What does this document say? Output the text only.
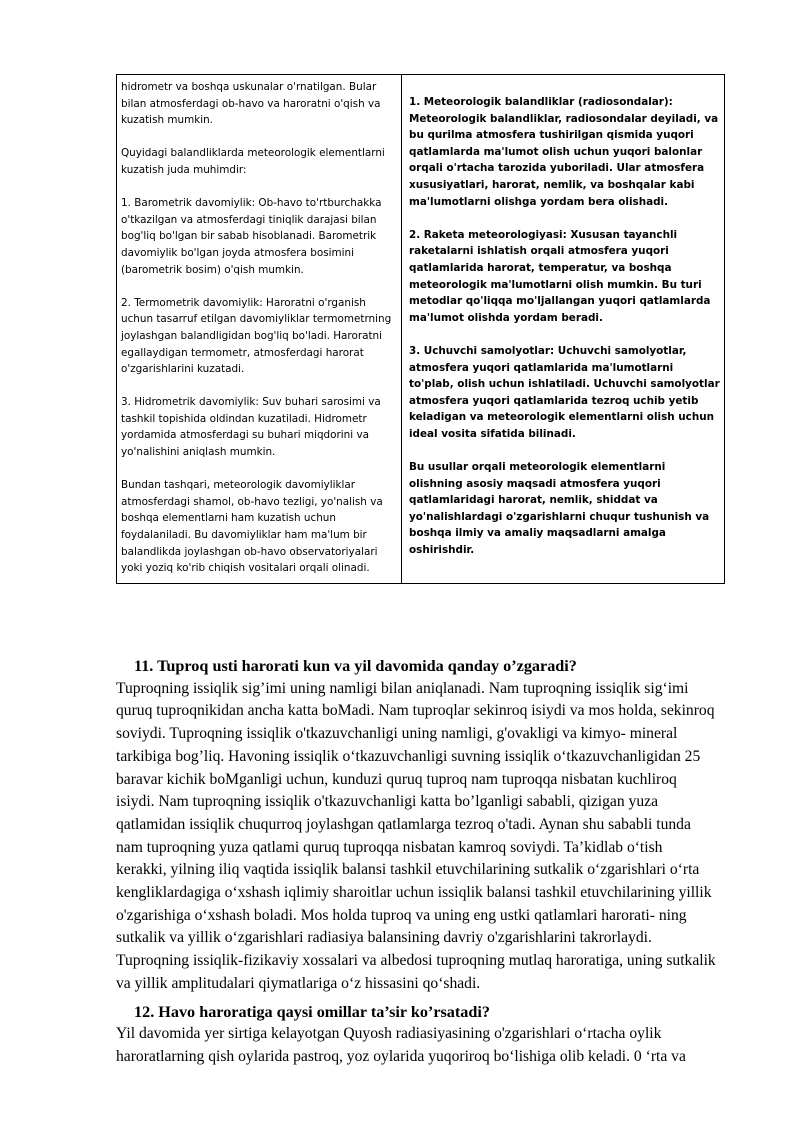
hidrometr va boshqa uskunalar o'rnatilgan. Bular bilan atmosferdagi ob-havo va haroratni o'qish va kuzatish mumkin.

Quyidagi balandliklarda meteorologik elementlarni kuzatish juda muhimdir:

1. Barometrik davomiylik: Ob-havo to'rtburchakka o'tkazilgan va atmosferdagi tiniqlik darajasi bilan bog'liq bo'lgan bir sabab hisoblanadi. Barometrik davomiylik bo'lgan joyda atmosfera bosimini (barometrik bosim) o'qish mumkin.

2. Termometrik davomiylik: Haroratni o'rganish uchun tasarruf etilgan davomiyliklar termometrning joylashgan balandligidan bog'liq bo'ladi. Haroratni egallaydigan termometr, atmosferdagi harorat o'zgarishlarini kuzatadi.

3. Hidrometrik davomiylik: Suv buhari sarosimi va tashkil topishida oldindan kuzatiladi. Hidrometr yordamida atmosferdagi su buhari miqdorini va yo'nalishini aniqlash mumkin.

Bundan tashqari, meteorologik davomiyliklar atmosferdagi shamol, ob-havo tezligi, yo'nalish va boshqa elementlarni ham kuzatish uchun foydalaniladi. Bu davomiyliklar ham ma'lum bir balandlikda joylashgan ob-havo observatoriyalari yoki yoziq ko'rib chiqish vositalari orqali olinadi.

1. Meteorologik balandliklar (radiosondalar): Meteorologik balandliklar, radiosondalar deyiladi, va bu qurilma atmosfera tushirilgan qismida yuqori qatlamlarda ma'lumot olish uchun yuqori balonlar orqali o'rtacha tarozida yuboriladi. Ular atmosfera xususiyatlari, harorat, nemlik, va boshqalar kabi ma'lumotlarni olishga yordam bera olishadi.

2. Raketa meteorologiyasi: Xususan tayanchli raketalarni ishlatish orqali atmosfera yuqori qatlamlarida harorat, temperatur, va boshqa meteorologik ma'lumotlarni olish mumkin. Bu turi metodlar qo'liqqa mo'ljallangan yuqori qatlamlarda ma'lumot olishda yordam beradi.

3. Uchuvchi samolyotlar: Uchuvchi samolyotlar, atmosfera yuqori qatlamlarida ma'lumotlarni to'plab, olish uchun ishlatiladi. Uchuvchi samolyotlar atmosfera yuqori qatlamlarida tezroq uchib yetib keladigan va meteorologik elementlarni olish uchun ideal vosita sifatida bilinadi.

Bu usullar orqali meteorologik elementlarni olishning asosiy maqsadi atmosfera yuqori qatlamlaridagi harorat, nemlik, shiddat va yo'nalishlardagi o'zgarishlarni chuqur tushunish va boshqa ilmiy va amaliy maqsadlarni amalga oshirishdir.

11. Tuproq usti harorati kun va yil davomida qanday o’zgaradi?

Tuproqning issiqlik sig’imi uning namligi bilan aniqlanadi. Nam tuproqning issiqlik sig‘imi quruq tuproqnikidan ancha katta boMadi. Nam tuproqlar sekinroq isiydi va mos holda, sekinroq soviydi. Tuproqning issiqlik o'tkazuvchanligi uning namligi, g'ovakligi va kimyo- mineral tarkibiga bog’liq. Havoning issiqlik o‘tkazuvchanligi suvning issiqlik o‘tkazuvchanligidan 25 baravar kichik boMganligi uchun, kunduzi quruq tuproq nam tuproqqa nisbatan kuchliroq isiydi. Nam tuproqning issiqlik o'tkazuvchanligi katta bo’lganligi sababli, qizigan yuza qatlamidan issiqlik chuqurroq joylashgan qatlamlarga tezroq o'tadi. Aynan shu sababli tunda nam tuproqning yuza qatlami quruq tuproqqa nisbatan kamroq soviydi. Ta’kidlab o‘tish kerakki, yilning iliq vaqtida issiqlik balansi tashkil etuvchilarining sutkalik o‘zgarishlari o‘rta kengliklardagiga o‘xshash iqlimiy sharoitlar uchun issiqlik balansi tashkil etuvchilarining yillik o'zgarishiga o‘xshash boladi. Mos holda tuproq va uning eng ustki qatlamlari harorati- ning sutkalik va yillik o‘zgarishlari radiasiya balansining davriy o'zgarishlarini takrorlaydi. Tuproqning issiqlik-fizikaviy xossalari va albedosi tuproqning mutlaq haroratiga, uning sutkalik va yillik amplitudalari qiymatlariga o‘z hissasini qo‘shadi.

12. Havo haroratiga qaysi omillar ta’sir ko’rsatadi?

Yil davomida yer sirtiga kelayotgan Quyosh radiasiyasining o'zgarishlari o‘rtacha oylik haroratlarning qish oylarida pastroq, yoz oylarida yuqoriroq bo‘lishiga olib keladi. 0 ‘rta va
